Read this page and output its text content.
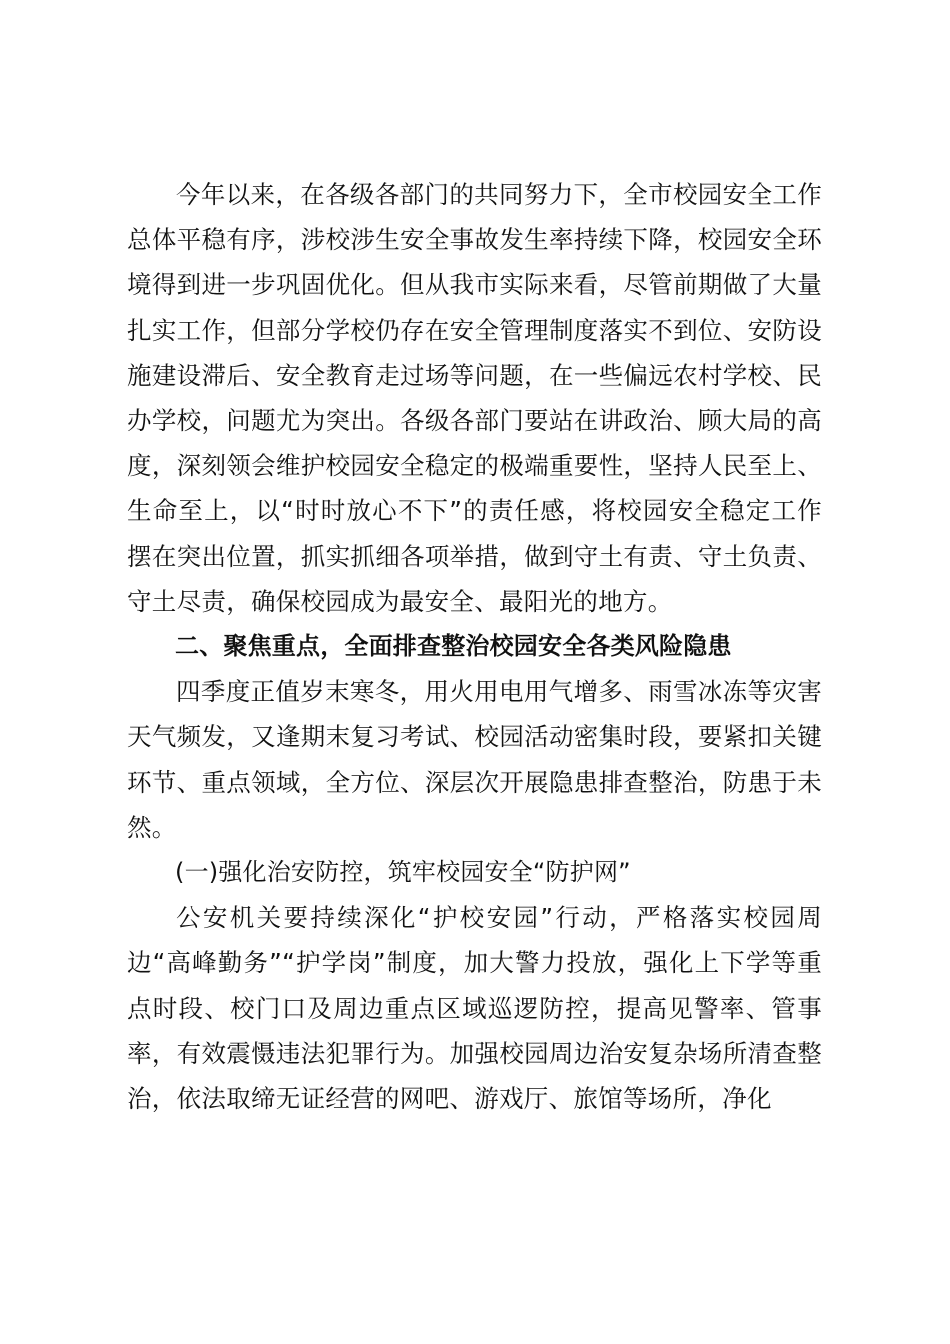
今年以来，在各级各部门的共同努力下，全市校园安全工作总体平稳有序，涉校涉生安全事故发生率持续下降，校园安全环境得到进一步巩固优化。但从我市实际来看，尽管前期做了大量扎实工作，但部分学校仍存在安全管理制度落实不到位、安防设施建设滞后、安全教育走过场等问题，在一些偏远农村学校、民办学校，问题尤为突出。各级各部门要站在讲政治、顾大局的高度，深刻领会维护校园安全稳定的极端重要性，坚持人民至上、生命至上，以“时时放心不下”的责任感，将校园安全稳定工作摆在突出位置，抓实抓细各项举措，做到守土有责、守土负责、守土尽责，确保校园成为最安全、最阳光的地方。

二、聚焦重点，全面排查整治校园安全各类风险隐患

四季度正值岁末寒冬，用火用电用气增多、雨雪冰冻等灾害天气频发，又逢期末复习考试、校园活动密集时段，要紧扣关键环节、重点领域，全方位、深层次开展隐患排查整治，防患于未然。

(一)强化治安防控，筑牢校园安全“防护网”

公安机关要持续深化“护校安园”行动，严格落实校园周边“高峰勤务”“护学岗”制度，加大警力投放，强化上下学等重点时段、校门口及周边重点区域巡逻防控，提高见警率、管事率，有效震慑违法犯罪行为。加强校园周边治安复杂场所清查整治，依法取缔无证经营的网吧、游戏厅、旅馆等场所，净化
